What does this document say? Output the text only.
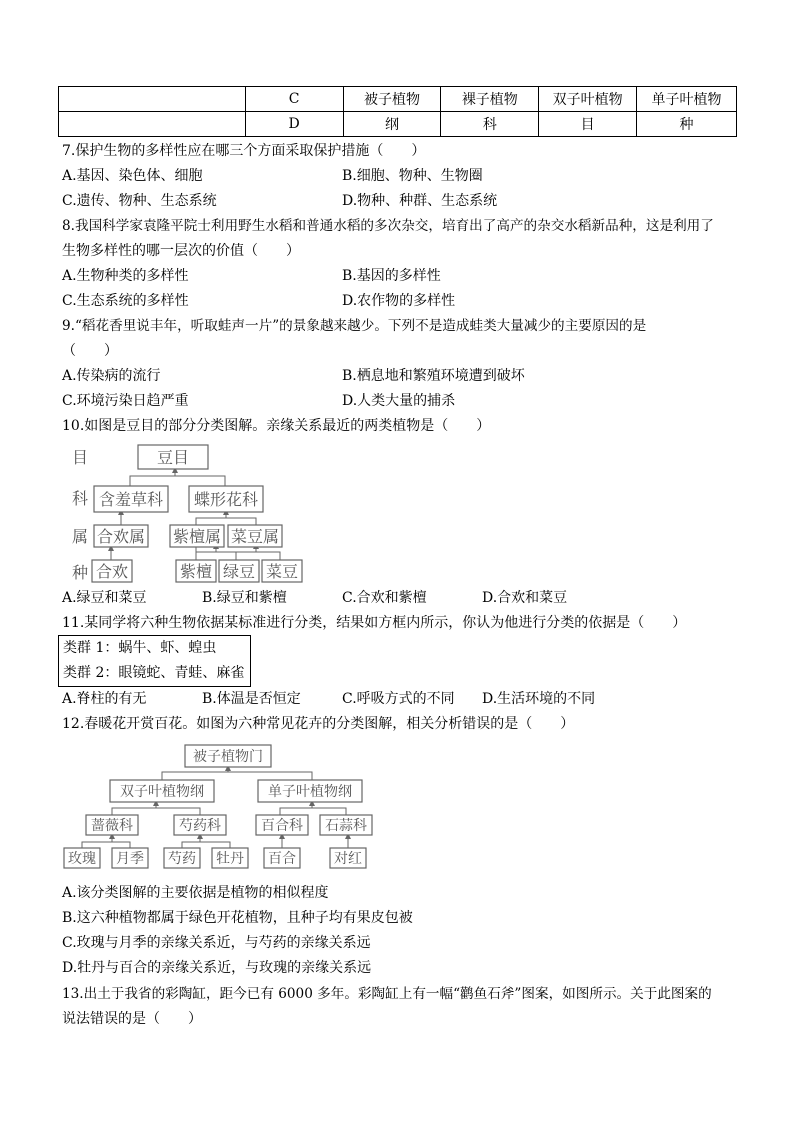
	C	被子植物	裸子植物	双子叶植物	单子叶植物
	D	纲	科	目	种
7.保护生物的多样性应在哪三个方面采取保护措施（　　）
A.基因、染色体、细胞	B.细胞、物种、生物圈
C.遗传、物种、生态系统	D.物种、种群、生态系统
8.我国科学家袁隆平院士利用野生水稻和普通水稻的多次杂交，培育出了高产的杂交水稻新品种，这是利用了
生物多样性的哪一层次的价值（　　）
A.生物种类的多样性	B.基因的多样性
C.生态系统的多样性	D.农作物的多样性
9.“稻花香里说丰年，听取蛙声一片”的景象越来越少。下列不是造成蛙类大量减少的主要原因的是
（　　）
A.传染病的流行	B.栖息地和繁殖环境遭到破坏
C.环境污染日趋严重	D.人类大量的捕杀
10.如图是豆目的部分分类图解。亲缘关系最近的两类植物是（　　）
目
科
属
种
豆目
含羞草科 蝶形花科
合欢属 紫檀属 菜豆属
合欢	紫檀 绿豆 菜豆
A.绿豆和菜豆	B.绿豆和紫檀	C.合欢和紫檀	D.合欢和菜豆
11.某同学将六种生物依据某标准进行分类，结果如方框内所示，你认为他进行分类的依据是（　　）
类群 1：蜗牛、虾、蝗虫
类群 2：眼镜蛇、青蛙、麻雀
A.脊柱的有无	B.体温是否恒定	C.呼吸方式的不同 D.生活环境的不同
12.春暖花开赏百花。如图为六种常见花卉的分类图解，相关分析错误的是（　　）
被子植物门
双子叶植物纲	单子叶植物纲
蔷薇科	芍药科	百合科 石蒜科
玫瑰 月季 芍药 牡丹 百合	对红
A.该分类图解的主要依据是植物的相似程度
B.这六种植物都属于绿色开花植物，且种子均有果皮包被
C.玫瑰与月季的亲缘关系近，与芍药的亲缘关系远
D.牡丹与百合的亲缘关系近，与玫瑰的亲缘关系远
13.出土于我省的彩陶缸，距今已有 6000 多年。彩陶缸上有一幅“鹳鱼石斧”图案，如图所示。关于此图案的
说法错误的是（　　）
